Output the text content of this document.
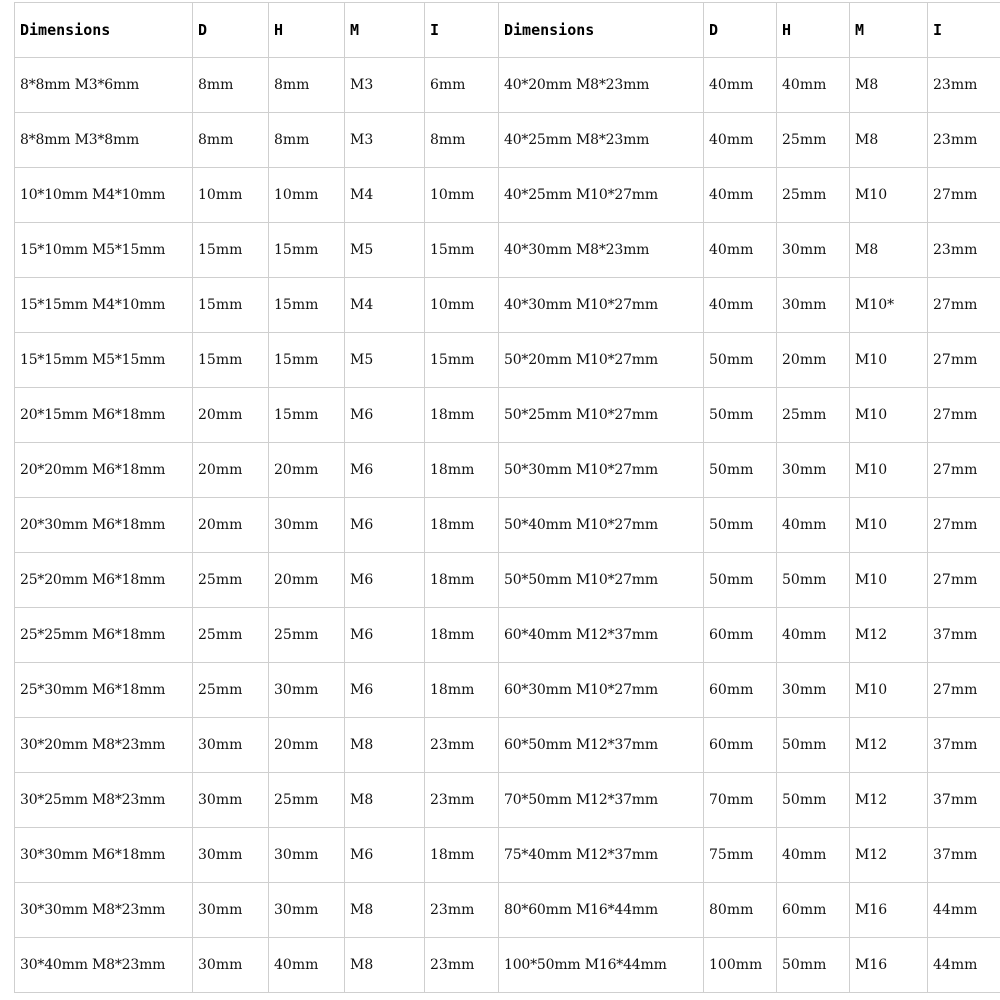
Dimensions	D	H	M	I	Dimensions	D	H	M	I
8*8mm M3*6mm	8mm	8mm	M3	6mm	40*20mm M8*23mm	40mm	40mm	M8	23mm
8*8mm M3*8mm	8mm	8mm	M3	8mm	40*25mm M8*23mm	40mm	25mm	M8	23mm
10*10mm M4*10mm	10mm	10mm	M4	10mm	40*25mm M10*27mm	40mm	25mm	M10	27mm
15*10mm M5*15mm	15mm	15mm	M5	15mm	40*30mm M8*23mm	40mm	30mm	M8	23mm
15*15mm M4*10mm	15mm	15mm	M4	10mm	40*30mm M10*27mm	40mm	30mm	M10*	27mm
15*15mm M5*15mm	15mm	15mm	M5	15mm	50*20mm M10*27mm	50mm	20mm	M10	27mm
20*15mm M6*18mm	20mm	15mm	M6	18mm	50*25mm M10*27mm	50mm	25mm	M10	27mm
20*20mm M6*18mm	20mm	20mm	M6	18mm	50*30mm M10*27mm	50mm	30mm	M10	27mm
20*30mm M6*18mm	20mm	30mm	M6	18mm	50*40mm M10*27mm	50mm	40mm	M10	27mm
25*20mm M6*18mm	25mm	20mm	M6	18mm	50*50mm M10*27mm	50mm	50mm	M10	27mm
25*25mm M6*18mm	25mm	25mm	M6	18mm	60*40mm M12*37mm	60mm	40mm	M12	37mm
25*30mm M6*18mm	25mm	30mm	M6	18mm	60*30mm M10*27mm	60mm	30mm	M10	27mm
30*20mm M8*23mm	30mm	20mm	M8	23mm	60*50mm M12*37mm	60mm	50mm	M12	37mm
30*25mm M8*23mm	30mm	25mm	M8	23mm	70*50mm M12*37mm	70mm	50mm	M12	37mm
30*30mm M6*18mm	30mm	30mm	M6	18mm	75*40mm M12*37mm	75mm	40mm	M12	37mm
30*30mm M8*23mm	30mm	30mm	M8	23mm	80*60mm M16*44mm	80mm	60mm	M16	44mm
30*40mm M8*23mm	30mm	40mm	M8	23mm	100*50mm M16*44mm	100mm	50mm	M16	44mm
